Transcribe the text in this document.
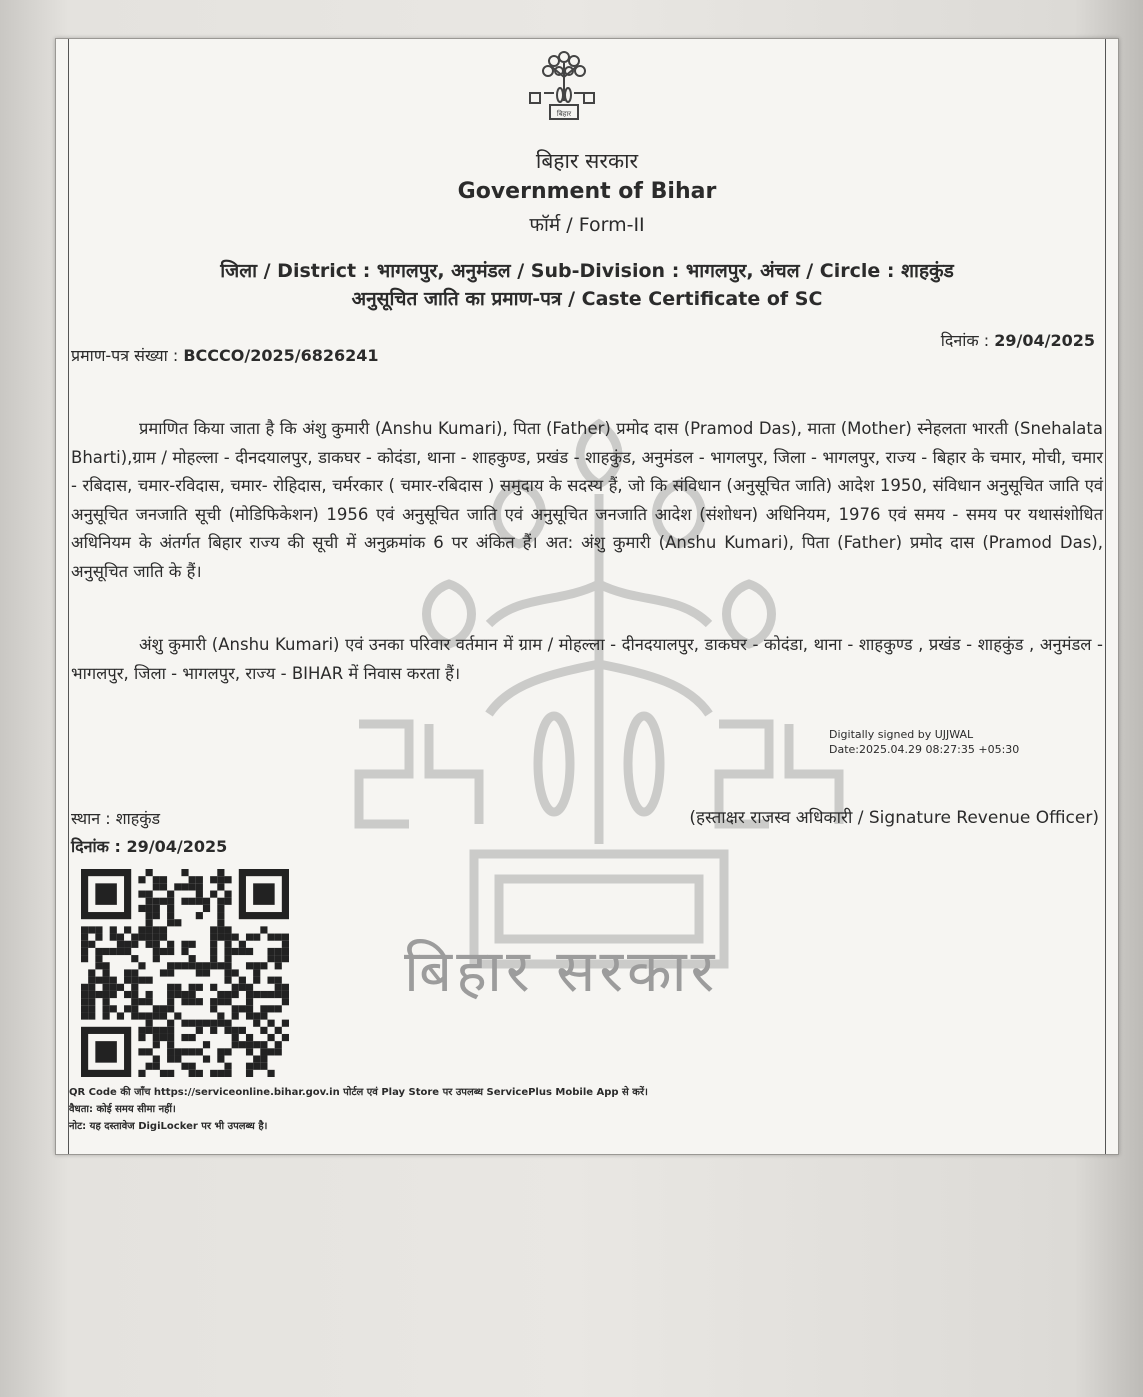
बिहार
बिहार सरकार
Government of Bihar
फॉर्म / Form-II
जिला / District : भागलपुर, अनुमंडल / Sub-Division : भागलपुर, अंचल / Circle : शाहकुंड
अनुसूचित जाति का प्रमाण-पत्र / Caste Certificate of SC
प्रमाण-पत्र संख्या : BCCCO/2025/6826241
दिनांक : 29/04/2025
बिहार सरकार
प्रमाणित किया जाता है कि अंशु कुमारी (Anshu Kumari), पिता (Father) प्रमोद दास (Pramod Das), माता (Mother) स्नेहलता भारती (Snehalata Bharti),ग्राम / मोहल्ला - दीनदयालपुर, डाकघर - कोदंडा, थाना - शाहकुण्ड, प्रखंड - शाहकुंड, अनुमंडल - भागलपुर, जिला - भागलपुर, राज्य - बिहार के चमार, मोची, चमार - रबिदास, चमार-रविदास, चमार- रोहिदास, चर्मरकार ( चमार-रबिदास ) समुदाय के सदस्य हैं, जो कि संविधान (अनुसूचित जाति) आदेश 1950, संविधान अनुसूचित जाति एवं अनुसूचित जनजाति सूची (मोडिफिकेशन) 1956 एवं अनुसूचित जाति एवं अनुसूचित जनजाति आदेश (संशोधन) अधिनियम, 1976 एवं समय - समय पर यथासंशोधित अधिनियम के अंतर्गत बिहार राज्य की सूची में अनुक्रमांक 6 पर अंकित हैं। अत: अंशु कुमारी (Anshu Kumari), पिता (Father) प्रमोद दास (Pramod Das), अनुसूचित जाति के हैं।
अंशु कुमारी (Anshu Kumari) एवं उनका परिवार वर्तमान में ग्राम / मोहल्ला - दीनदयालपुर, डाकघर - कोदंडा, थाना - शाहकुण्ड , प्रखंड - शाहकुंड , अनुमंडल - भागलपुर, जिला - भागलपुर, राज्य - BIHAR में निवास करता हैं।
Digitally signed by UJJWAL
Date:2025.04.29 08:27:35 +05:30
स्थान : शाहकुंड
दिनांक : 29/04/2025
(हस्ताक्षर राजस्व अधिकारी / Signature Revenue Officer)
QR Code की जाँच https://serviceonline.bihar.gov.in पोर्टल एवं Play Store पर उपलब्ध ServicePlus Mobile App से करें।
वैधता: कोई समय सीमा नहीं।
नोट: यह दस्तावेज DigiLocker पर भी उपलब्ध है।
